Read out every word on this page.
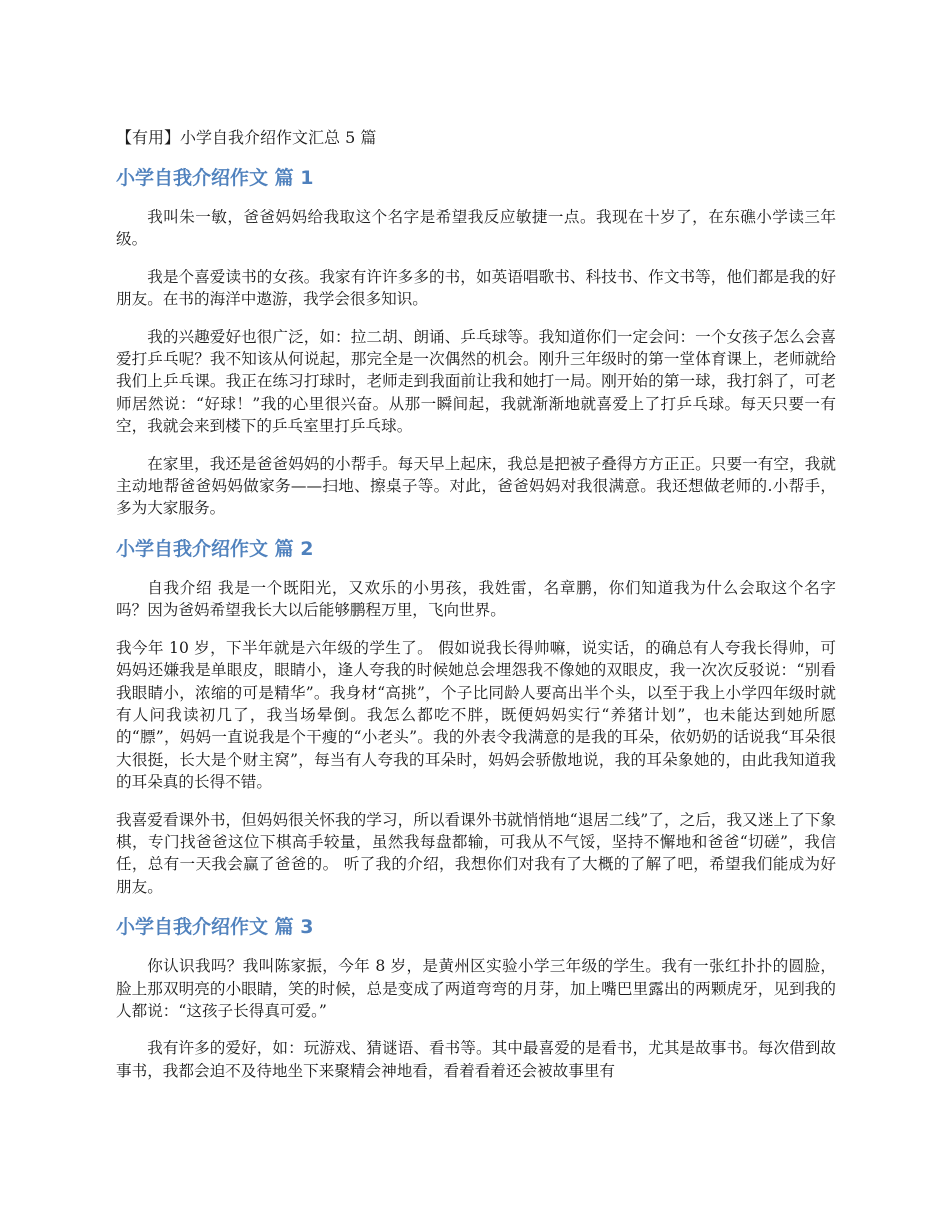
【有用】小学自我介绍作文汇总 5 篇
小学自我介绍作文 篇 1

我叫朱一敏，爸爸妈妈给我取这个名字是希望我反应敏捷一点。我现在十岁了，在东礁小学读三年级。

我是个喜爱读书的女孩。我家有许许多多的书，如英语唱歌书、科技书、作文书等，他们都是我的好朋友。在书的海洋中遨游，我学会很多知识。

我的兴趣爱好也很广泛，如：拉二胡、朗诵、乒乓球等。我知道你们一定会问：一个女孩子怎么会喜爱打乒乓呢？我不知该从何说起，那完全是一次偶然的机会。刚升三年级时的第一堂体育课上，老师就给我们上乒乓课。我正在练习打球时，老师走到我面前让我和她打一局。刚开始的第一球，我打斜了，可老师居然说：“好球！”我的心里很兴奋。从那一瞬间起，我就渐渐地就喜爱上了打乒乓球。每天只要一有空，我就会来到楼下的乒乓室里打乒乓球。

在家里，我还是爸爸妈妈的小帮手。每天早上起床，我总是把被子叠得方方正正。只要一有空，我就主动地帮爸爸妈妈做家务——扫地、擦桌子等。对此，爸爸妈妈对我很满意。我还想做老师的.小帮手，多为大家服务。

小学自我介绍作文 篇 2

自我介绍 我是一个既阳光，又欢乐的小男孩，我姓雷，名章鹏，你们知道我为什么会取这个名字吗？因为爸妈希望我长大以后能够鹏程万里，飞向世界。

我今年 10 岁，下半年就是六年级的学生了。 假如说我长得帅嘛，说实话，的确总有人夸我长得帅，可妈妈还嫌我是单眼皮，眼睛小，逢人夸我的时候她总会埋怨我不像她的双眼皮，我一次次反驳说：“别看我眼睛小，浓缩的可是精华”。我身材“高挑”，个子比同龄人要高出半个头，以至于我上小学四年级时就有人问我读初几了，我当场晕倒。我怎么都吃不胖，既便妈妈实行“养猪计划”，也未能达到她所愿的“膘”，妈妈一直说我是个干瘦的“小老头”。我的外表令我满意的是我的耳朵，依奶奶的话说我“耳朵很大很挺，长大是个财主窝”，每当有人夸我的耳朵时，妈妈会骄傲地说，我的耳朵象她的，由此我知道我的耳朵真的长得不错。

我喜爱看课外书，但妈妈很关怀我的学习，所以看课外书就悄悄地“退居二线”了，之后，我又迷上了下象棋，专门找爸爸这位下棋高手较量，虽然我每盘都输，可我从不气馁，坚持不懈地和爸爸“切磋”，我信任，总有一天我会赢了爸爸的。 听了我的介绍，我想你们对我有了大概的了解了吧，希望我们能成为好朋友。

小学自我介绍作文 篇 3

你认识我吗？我叫陈家振，今年 8 岁，是黄州区实验小学三年级的学生。我有一张红扑扑的圆脸，脸上那双明亮的小眼睛，笑的时候，总是变成了两道弯弯的月芽，加上嘴巴里露出的两颗虎牙，见到我的人都说：“这孩子长得真可爱。”

我有许多的爱好，如：玩游戏、猜谜语、看书等。其中最喜爱的是看书，尤其是故事书。每次借到故事书，我都会迫不及待地坐下来聚精会神地看，看着看着还会被故事里有
